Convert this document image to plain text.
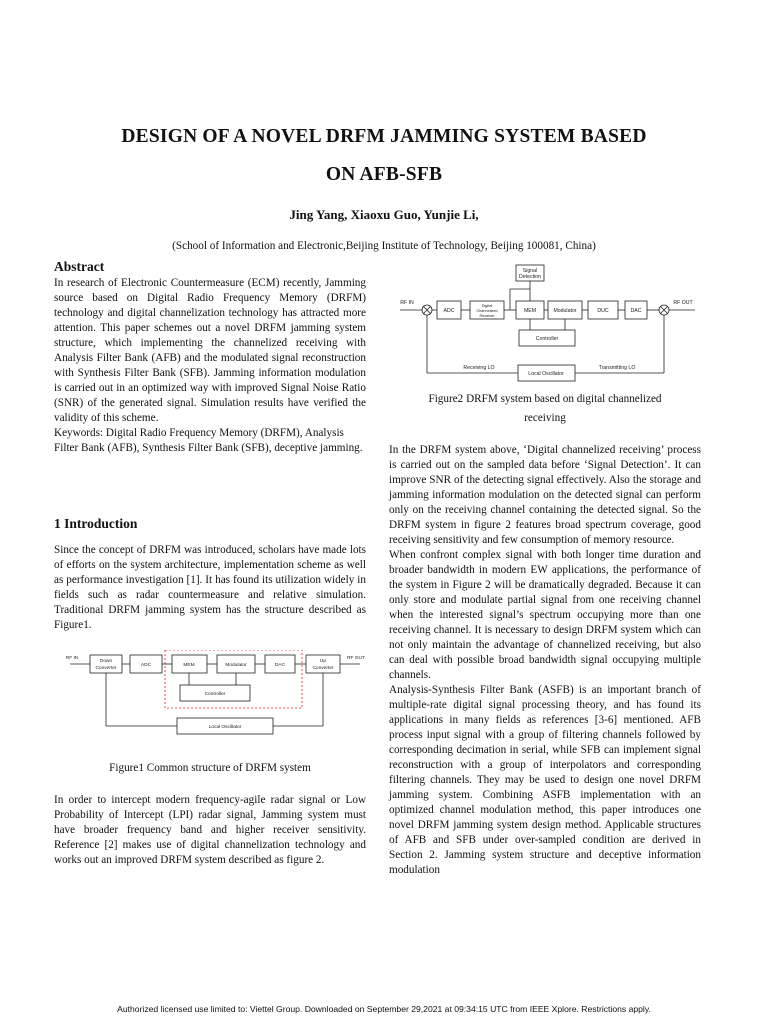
DESIGN OF A NOVEL DRFM JAMMING SYSTEM BASED
ON AFB-SFB
Jing Yang, Xiaoxu Guo, Yunjie Li,
(School of Information and Electronic,Beijing Institute of Technology, Beijing 100081, China)
Abstract

In research of Electronic Countermeasure (ECM) recently, Jamming source based on Digital Radio Frequency Memory (DRFM) technology and digital channelization technology has attracted more attention. This paper schemes out a novel DRFM jamming system structure, which implementing the channelized receiving with Analysis Filter Bank (AFB) and the modulated signal reconstruction with Synthesis Filter Bank (SFB). Jamming information modulation is carried out in an optimized way with improved Signal Noise Ratio (SNR) of the generated signal. Simulation results have verified the validity of this scheme.

Keywords: Digital Radio Frequency Memory (DRFM), Analysis Filter Bank (AFB), Synthesis Filter Bank (SFB), deceptive jamming.

1 Introduction
Since the concept of DRFM was introduced, scholars have made lots of efforts on the system architecture, implementation scheme as well as performance investigation [1]. It has found its utilization widely in fields such as radar countermeasure and relative simulation. Traditional DRFM jamming system has the structure described as Figure1.
RF IN	RF OUT
Down
Converter
ADC	MEM	Modulator	DAC
Up
Converter
Controller
Local Oscillator
Figure1 Common structure of DRFM system
In order to intercept modern frequency-agile radar signal or Low Probability of Intercept (LPI) radar signal, Jamming system must have broader frequency band and higher receiver sensitivity. Reference [2] makes use of digital channelization technology and works out an improved DRFM system described as figure 2.
Signal
Detection
RF IN	RF OUT
ADC
Digital
Channelized
Receiver
MEM	Modulator	DUC	DAC
Controller
Receiving LO	Transmitting LO
Local Oscillator
Figure2 DRFM system based on digital channelized
receiving

In the DRFM system above, ‘Digital channelized receiving’ process is carried out on the sampled data before ‘Signal Detection’. It can improve SNR of the detecting signal effectively. Also the storage and jamming information modulation on the detected signal can perform only on the receiving channel containing the detected signal. So the DRFM system in figure 2 features broad spectrum coverage, good receiving sensitivity and few consumption of memory resource.

When confront complex signal with both longer time duration and broader bandwidth in modern EW applications, the performance of the system in Figure 2 will be dramatically degraded. Because it can only store and modulate partial signal from one receiving channel when the interested signal’s spectrum occupying more than one receiving channel. It is necessary to design DRFM system which can not only maintain the advantage of channelized receiving, but also can deal with possible broad bandwidth signal occupying multiple channels.

Analysis-Synthesis Filter Bank (ASFB) is an important branch of multiple-rate digital signal processing theory, and has found its applications in many fields as references [3-6] mentioned. AFB process input signal with a group of filtering channels followed by corresponding decimation in serial, while SFB can implement signal reconstruction with a group of interpolators and corresponding filtering channels. They may be used to design one novel DRFM jamming system. Combining ASFB implementation with an optimized channel modulation method, this paper introduces one novel DRFM jamming system design method. Applicable structures of AFB and SFB under over-sampled condition are derived in Section 2. Jamming system structure and deceptive information modulation

Authorized licensed use limited to: Viettel Group. Downloaded on September 29,2021 at 09:34:15 UTC from IEEE Xplore. Restrictions apply.
